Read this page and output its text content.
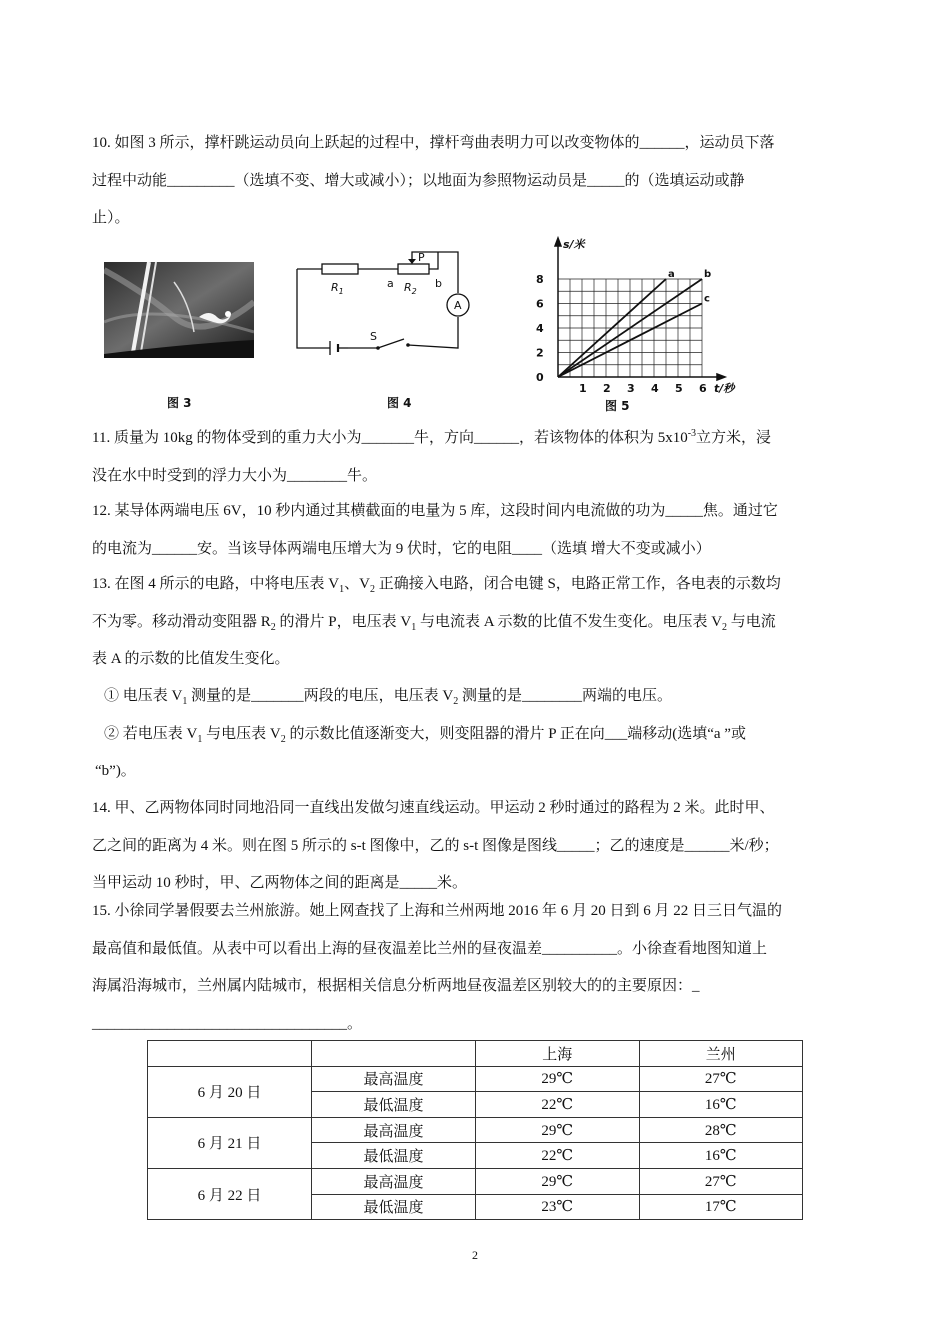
10. 如图 3 所示，撑杆跳运动员向上跃起的过程中，撑杆弯曲表明力可以改变物体的______，运动员下落
过程中动能_________（选填不变、增大或减小）；以地面为参照物运动员是_____的（选填运动或静
止）。
图 3
$R_1$	$R_2$
a	b
P
A
S
图 4
a	b
c
1 2 3 4 5 6
2
4
6
8
0
t/秒
s/米
图 5
11. 质量为 10kg 的物体受到的重力大小为_______牛，方向______，若该物体的体积为 $5x10^{-3}$立方米，浸
没在水中时受到的浮力大小为________牛。
12. 某导体两端电压 6V，10 秒内通过其横截面的电量为 5 库，这段时间内电流做的功为_____焦。通过它
的电流为______安。当该导体两端电压增大为 9 伏时，它的电阻____（选填 增大不变或减小）
13. 在图 4 所示的电路，中将电压表 $V_1$、$V_2$ 正确接入电路，闭合电键 S，电路正常工作，各电表的示数均
不为零。移动滑动变阻器 $R_2$ 的滑片 P，电压表 $V_1$ 与电流表 A 示数的比值不发生变化。电压表 $V_2$ 与电流
表 A 的示数的比值发生变化。
① 电压表 $V_1$ 测量的是_______两段的电压，电压表 $V_2$ 测量的是________两端的电压。
② 若电压表 $V_1$ 与电压表 $V_2$ 的示数比值逐渐变大，则变阻器的滑片 P 正在向___端移动(选填“a ”或
“b”)。
14. 甲、乙两物体同时同地沿同一直线出发做匀速直线运动。甲运动 2 秒时通过的路程为 2 米。此时甲、
乙之间的距离为 4 米。则在图 5 所示的 s-t 图像中，乙的 s-t 图像是图线_____；乙的速度是______米/秒；
当甲运动 10 秒时，甲、乙两物体之间的距离是_____米。
15. 小徐同学暑假要去兰州旅游。她上网查找了上海和兰州两地 2016 年 6 月 20 日到 6 月 22 日三日气温的
最高值和最低值。从表中可以看出上海的昼夜温差比兰州的昼夜温差__________。小徐查看地图知道上
海属沿海城市，兰州属内陆城市，根据相关信息分析两地昼夜温差区别较大的的主要原因：_
__________________________________。
		上海	兰州
6 月 20 日	最高温度	29℃	27℃
	最低温度	22℃	16℃
6 月 21 日	最高温度	29℃	28℃
	最低温度	22℃	16℃
6 月 22 日	最高温度	29℃	27℃
	最低温度	23℃	17℃
2
